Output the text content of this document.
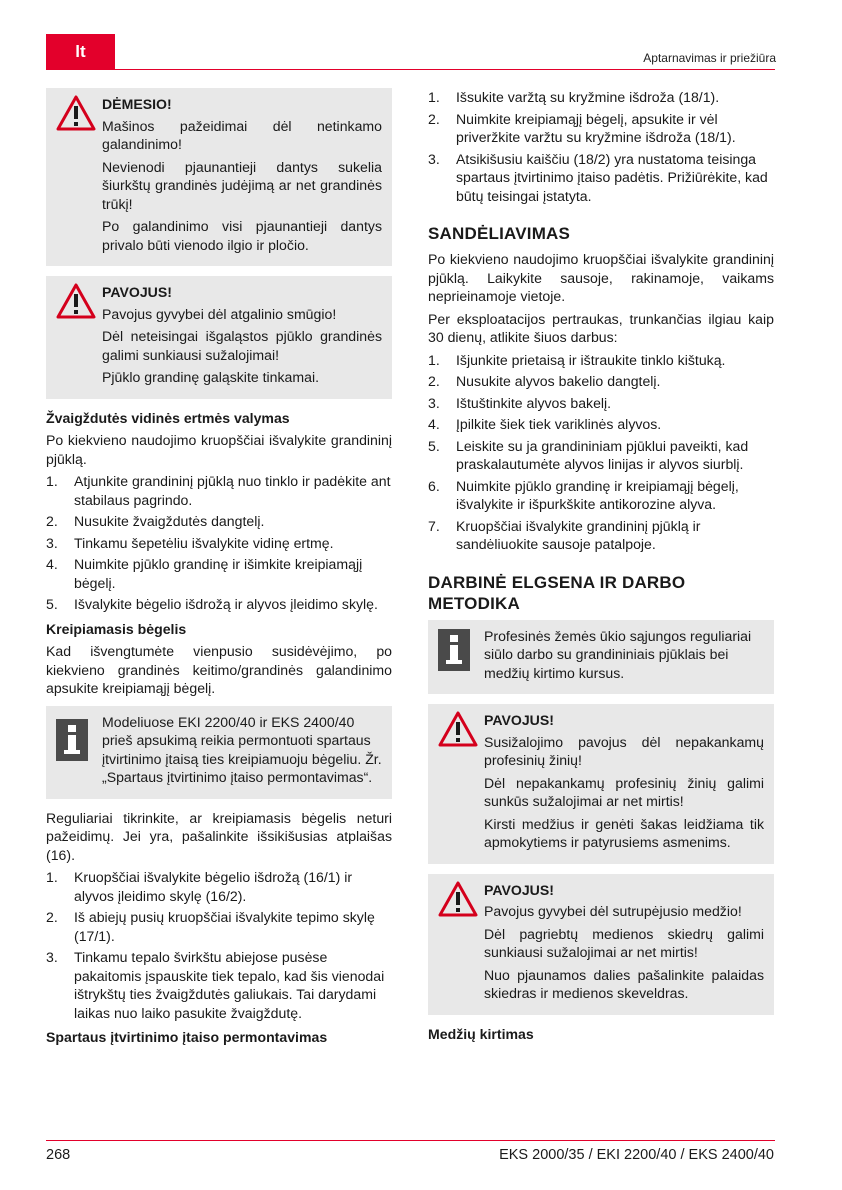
lt	Aptarnavimas ir priežiūra
DĖMESIO!

Mašinos pažeidimai dėl netinkamo galandinimo!

Nevienodi pjaunantieji dantys sukelia šiurkštų grandinės judėjimą ar net grandinės trūkį!

Po galandinimo visi pjaunantieji dantys privalo būti vienodo ilgio ir pločio.

PAVOJUS!

Pavojus gyvybei dėl atgalinio smūgio!

Dėl neteisingai išgaląstos pjūklo grandinės galimi sunkiausi sužalojimai!

Pjūklo grandinę galąskite tinkamai.

Žvaigždutės vidinės ertmės valymas

Po kiekvieno naudojimo kruopščiai išvalykite grandininį pjūklą.

1.	Atjunkite grandininį pjūklą nuo tinklo ir padėkite ant stabilaus pagrindo.
2.	Nusukite žvaigždutės dangtelį.
3.	Tinkamu šepetėliu išvalykite vidinę ertmę.
4.	Nuimkite pjūklo grandinę ir išimkite kreipiamąjį bėgelį.
5.	Išvalykite bėgelio išdrožą ir alyvos įleidimo skylę.
Kreipiamasis bėgelis

Kad išvengtumėte vienpusio susidėvėjimo, po kiekvieno grandinės keitimo/grandinės galandinimo apsukite kreipiamąjį bėgelį.

Modeliuose EKI 2200/40 ir EKS 2400/40 prieš apsukimą reikia permontuoti spartaus įtvirtinimo įtaisą ties kreipiamuoju bėgeliu. Žr. „Spartaus įtvirtinimo įtaiso permontavimas“.

Reguliariai tikrinkite, ar kreipiamasis bėgelis neturi pažeidimų. Jei yra, pašalinkite išsikišusias atplaišas (16).

1.	Kruopščiai išvalykite bėgelio išdrožą (16/1) ir alyvos įleidimo skylę (16/2).
2.	Iš abiejų pusių kruopščiai išvalykite tepimo skylę (17/1).
3.	Tinkamu tepalo švirkštu abiejose pusėse pakaitomis įspauskite tiek tepalo, kad šis vienodai ištrykštų ties žvaigždutės galiukais. Tai darydami laikas nuo laiko pasukite žvaigždutę.
Spartaus įtvirtinimo įtaiso permontavimas
1.	Išsukite varžtą su kryžmine išdroža (18/1).
2.	Nuimkite kreipiamąjį bėgelį, apsukite ir vėl priveržkite varžtu su kryžmine išdroža (18/1).
3.	Atsikišusiu kaiščiu (18/2) yra nustatoma teisinga spartaus įtvirtinimo įtaiso padėtis. Prižiūrėkite, kad būtų teisingai įstatyta.
SANDĖLIAVIMAS

Po kiekvieno naudojimo kruopščiai išvalykite grandininį pjūklą. Laikykite sausoje, rakinamoje, vaikams neprieinamoje vietoje.

Per eksploatacijos pertraukas, trunkančias ilgiau kaip 30 dienų, atlikite šiuos darbus:

1.	Išjunkite prietaisą ir ištraukite tinklo kištuką.
2.	Nusukite alyvos bakelio dangtelį.
3.	Ištuštinkite alyvos bakelį.
4.	Įpilkite šiek tiek variklinės alyvos.
5.	Leiskite su ja grandininiam pjūklui paveikti, kad praskalautumėte alyvos linijas ir alyvos siurblį.
6.	Nuimkite pjūklo grandinę ir kreipiamąjį bėgelį, išvalykite ir išpurkškite antikorozine alyva.
7.	Kruopščiai išvalykite grandininį pjūklą ir sandėliuokite sausoje patalpoje.
DARBINĖ ELGSENA IR DARBO
METODIKA

Profesinės žemės ūkio sąjungos reguliariai siūlo darbo su grandininiais pjūklais bei medžių kirtimo kursus.

PAVOJUS!

Susižalojimo pavojus dėl nepakankamų profesinių žinių!

Dėl nepakankamų profesinių žinių galimi sunkūs sužalojimai ar net mirtis!

Kirsti medžius ir genėti šakas leidžiama tik apmokytiems ir patyrusiems asmenims.

PAVOJUS!

Pavojus gyvybei dėl sutrupėjusio medžio!

Dėl pagriebtų medienos skiedrų galimi sunkiausi sužalojimai ar net mirtis!

Nuo pjaunamos dalies pašalinkite palaidas skiedras ir medienos skeveldras.

Medžių kirtimas
268	EKS 2000/35 / EKI 2200/40 / EKS 2400/40
